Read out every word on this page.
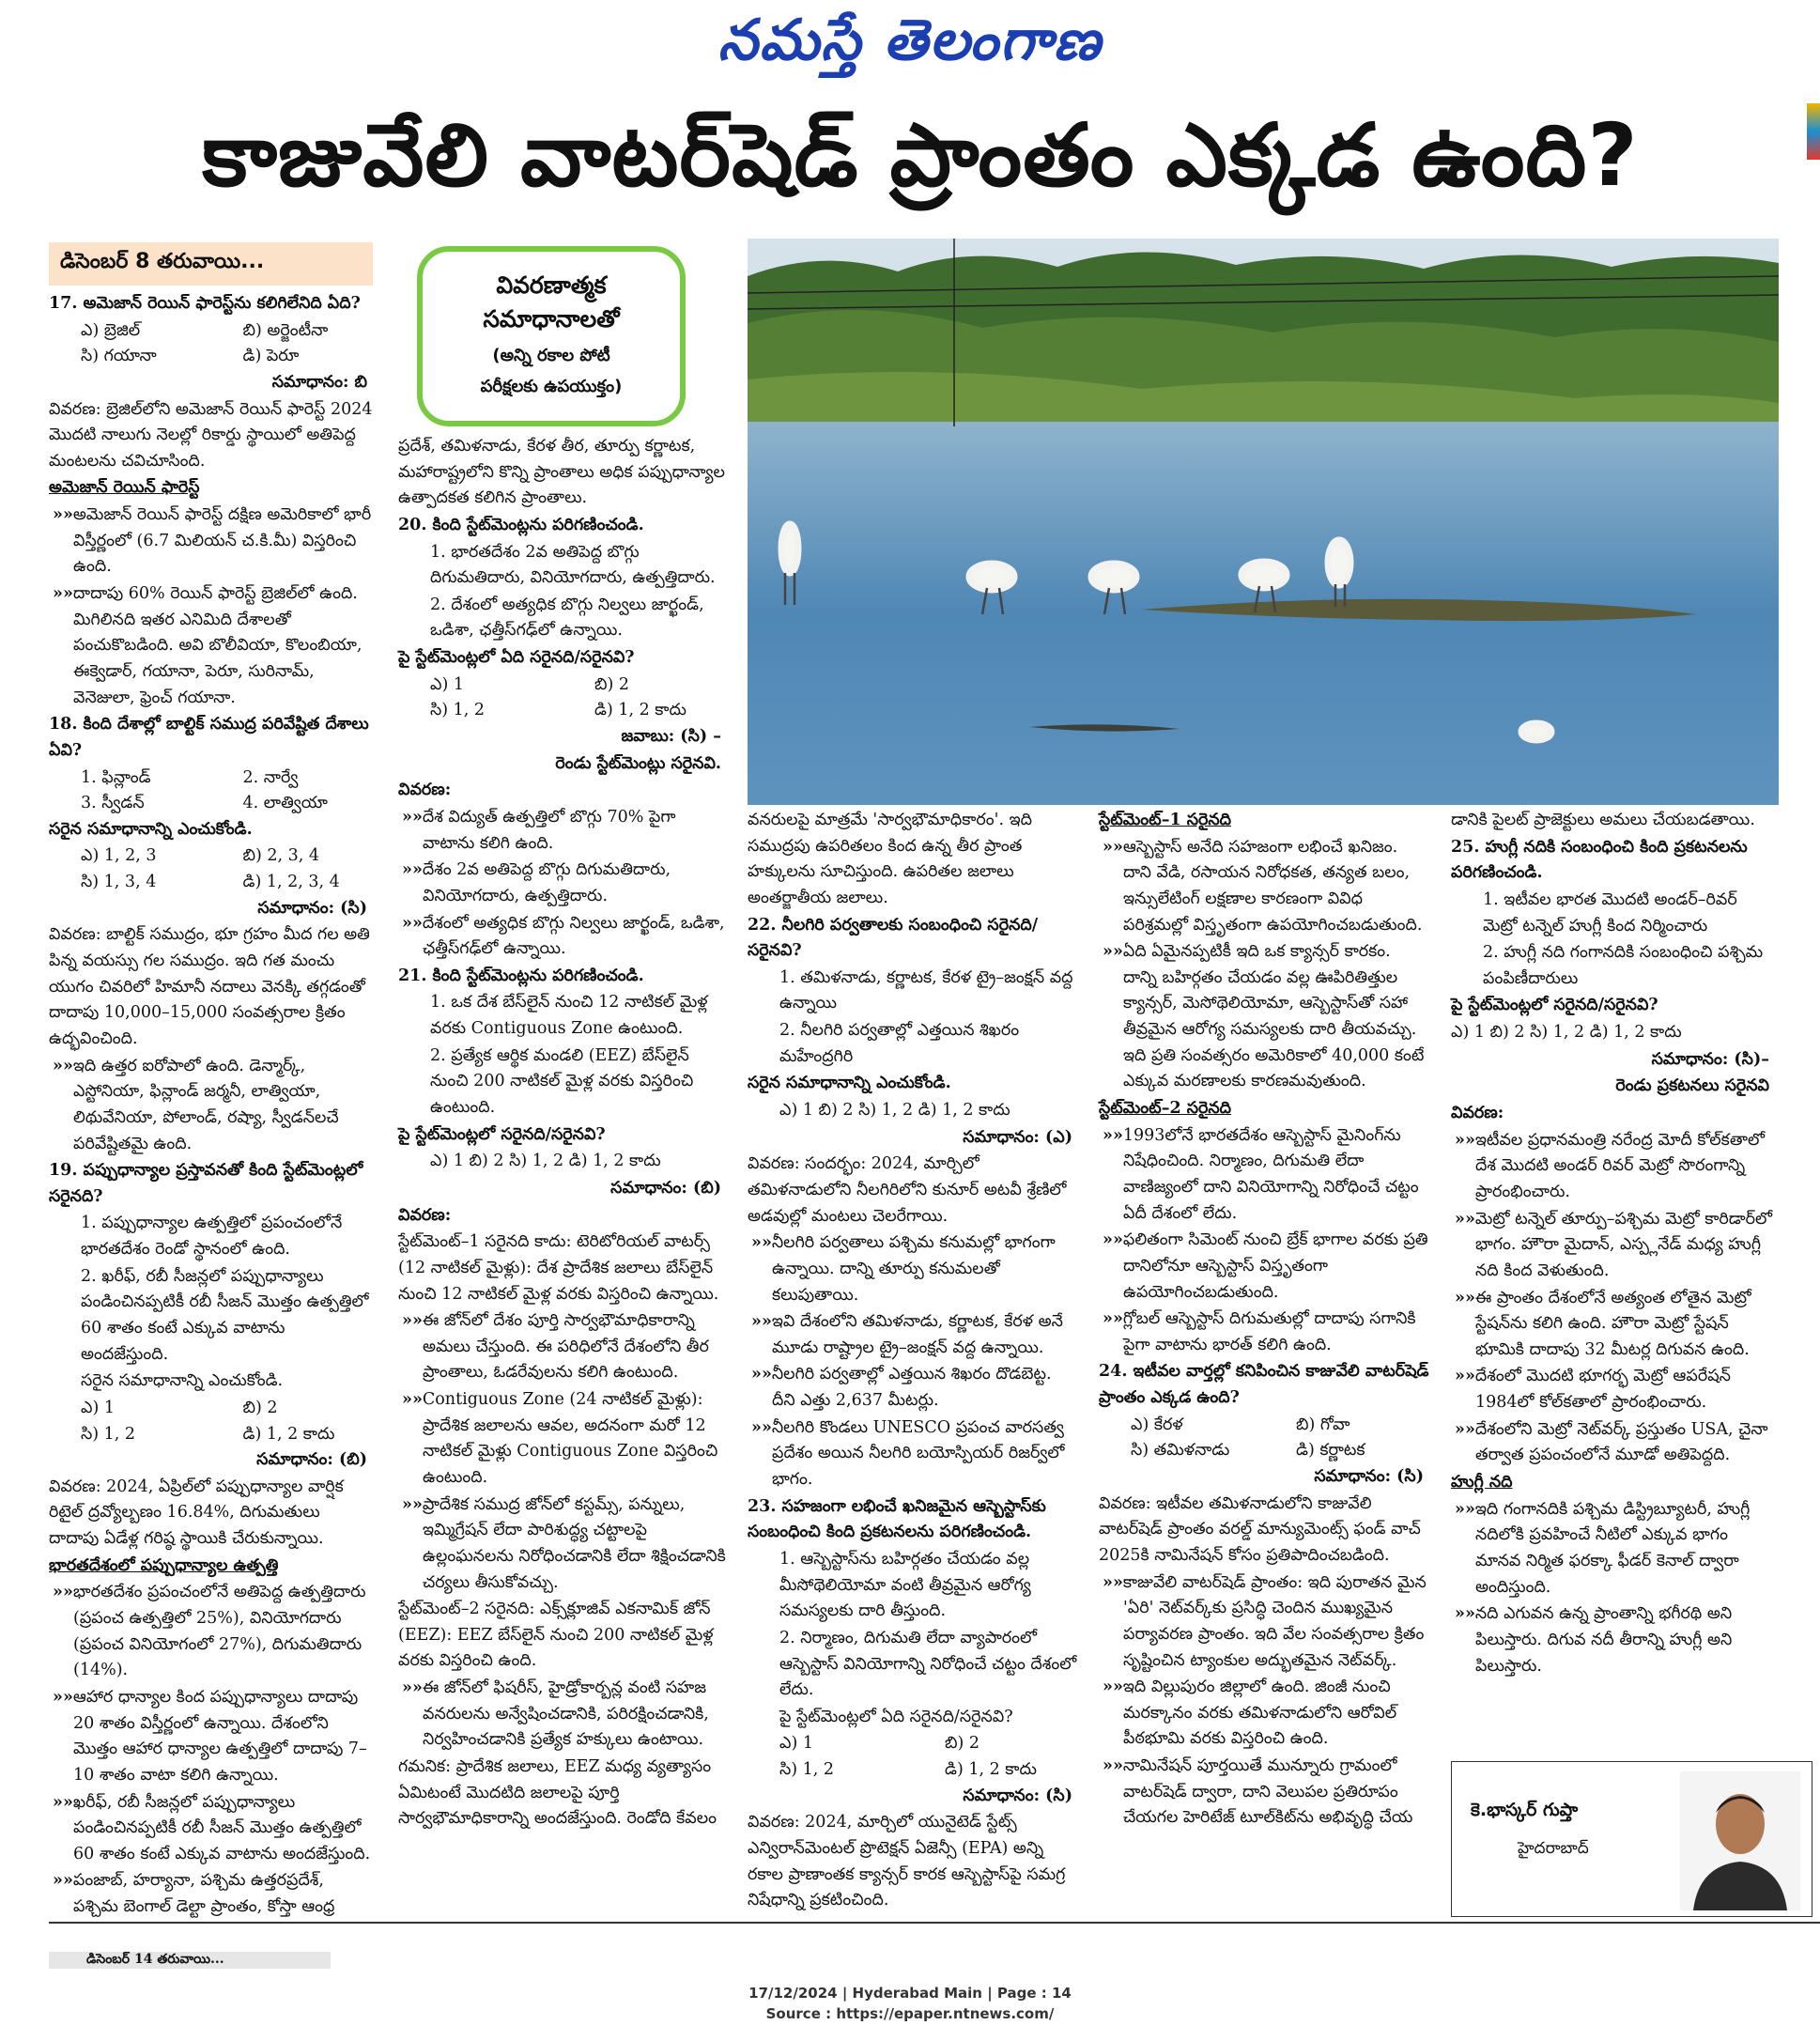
నమస్తే తెలంగాణ
కాజువేలి వాటర్‌షెడ్ ప్రాంతం ఎక్కడ ఉంది?
డిసెంబర్ 8 తరువాయి...

17. అమెజాన్ రెయిన్ ఫారెస్ట్‌ను కలిగిలేనిది ఏది?

ఎ) బ్రెజిల్	బి) అర్జెంటీనా
సి) గయానా	డి) పెరూ

సమాధానం: బి

వివరణ: బ్రెజిల్‌లోని అమెజాన్ రెయిన్ ఫారెస్ట్ 2024 మొదటి నాలుగు నెలల్లో రికార్డు స్థాయిలో అతిపెద్ద మంటలను చవిచూసింది.

అమెజాన్ రెయిన్ ఫారెస్ట్

»» అమెజాన్ రెయిన్ ఫారెస్ట్ దక్షిణ అమెరికాలో భారీ విస్తీర్ణంలో (6.7 మిలియన్ చ.కి.మీ) విస్తరించి ఉంది.

»» దాదాపు 60% రెయిన్ ఫారెస్ట్ బ్రెజిల్‌లో ఉంది. మిగిలినది ఇతర ఎనిమిది దేశాలతో పంచుకొబడింది. అవి బొలీవియా, కొలంబియా, ఈక్వెడార్, గయానా, పెరూ, సురినామ్, వెనెజులా, ఫ్రెంచ్ గయానా.

18. కింది దేశాల్లో బాల్టిక్ సముద్ర పరివేష్టిత దేశాలు ఏవి?

1. ఫిన్లాండ్	2. నార్వే
3. స్వీడన్	4. లాత్వియా

సరైన సమాధానాన్ని ఎంచుకోండి.

ఎ) 1, 2, 3	బి) 2, 3, 4
సి) 1, 3, 4	డి) 1, 2, 3, 4

సమాధానం: (సి)

వివరణ: బాల్టిక్ సముద్రం, భూ గ్రహం మీద గల అతి పిన్న వయస్సు గల సముద్రం. ఇది గత మంచు యుగం చివరిలో హిమానీ నదాలు వెనక్కి తగ్గడంతో దాదాపు 10,000–15,000 సంవత్సరాల క్రితం ఉద్భవించింది.

»» ఇది ఉత్తర ఐరోపాలో ఉంది. డెన్మార్క్, ఎస్టోనియా, ఫిన్లాండ్ జర్మనీ, లాత్వియా, లిథువేనియా, పోలాండ్, రష్యా, స్వీడన్‌లచే పరివేష్టితమై ఉంది.

19. పప్పుధాన్యాల ప్రస్తావనతో కింది స్టేట్‌మెంట్లలో సరైనది?

1. పప్పుధాన్యాల ఉత్పత్తిలో ప్రపంచంలోనే భారతదేశం రెండో స్థానంలో ఉంది.

2. ఖరీఫ్, రబీ సీజన్లలో పప్పుధాన్యాలు పండించినప్పటికీ రబీ సీజన్ మొత్తం ఉత్పత్తిలో 60 శాతం కంటే ఎక్కువ వాటాను అందజేస్తుంది.

సరైన సమాధానాన్ని ఎంచుకోండి.

ఎ) 1	బి) 2
సి) 1, 2	డి) 1, 2 కాదు

సమాధానం: (బి)

వివరణ: 2024, ఏప్రిల్‌లో పప్పుధాన్యాల వార్షిక రిటైల్ ద్రవ్యోల్బణం 16.84%, దిగుమతులు దాదాపు ఏడేళ్ల గరిష్ఠ స్థాయికి చేరుకున్నాయి.

భారతదేశంలో పప్పుధాన్యాల ఉత్పత్తి

»» భారతదేశం ప్రపంచంలోనే అతిపెద్ద ఉత్పత్తిదారు (ప్రపంచ ఉత్పత్తిలో 25%), వినియోగదారు (ప్రపంచ వినియోగంలో 27%), దిగుమతిదారు (14%).

»» ఆహార ధాన్యాల కింద పప్పుధాన్యాలు దాదాపు 20 శాతం విస్తీర్ణంలో ఉన్నాయి. దేశంలోని మొత్తం ఆహార ధాన్యాల ఉత్పత్తిలో దాదాపు 7–10 శాతం వాటా కలిగి ఉన్నాయి.

»» ఖరీఫ్, రబీ సీజన్లలో పప్పుధాన్యాలు పండించినప్పటికీ రబీ సీజన్ మొత్తం ఉత్పత్తిలో 60 శాతం కంటే ఎక్కువ వాటాను అందజేస్తుంది.

»» పంజాబ్, హర్యానా, పశ్చిమ ఉత్తరప్రదేశ్, పశ్చిమ బెంగాల్ డెల్టా ప్రాంతం, కోస్తా ఆంధ్ర

వివరణాత్మక
సమాధానాలతో
(అన్ని రకాల పోటీ
పరీక్షలకు ఉపయుక్తం)

ప్రదేశ్, తమిళనాడు, కేరళ తీర, తూర్పు కర్ణాటక, మహారాష్ట్రలోని కొన్ని ప్రాంతాలు అధిక పప్పుధాన్యాల ఉత్పాదకత కలిగిన ప్రాంతాలు.

20. కింది స్టేట్‌మెంట్లను పరిగణించండి.

1. భారతదేశం 2వ అతిపెద్ద బొగ్గు దిగుమతిదారు, వినియోగదారు, ఉత్పత్తిదారు.

2. దేశంలో అత్యధిక బొగ్గు నిల్వలు జార్ఖండ్, ఒడిశా, ఛత్తీస్‌గఢ్‌లో ఉన్నాయి.

పై స్టేట్‌మెంట్లలో ఏది సరైనది/సరైనవి?

ఎ) 1	బి) 2
సి) 1, 2	డి) 1, 2 కాదు

జవాబు: (సి) –

రెండు స్టేట్‌మెంట్లు సరైనవి.

వివరణ:

»» దేశ విద్యుత్ ఉత్పత్తిలో బొగ్గు 70% పైగా వాటాను కలిగి ఉంది.

»» దేశం 2వ అతిపెద్ద బొగ్గు దిగుమతిదారు, వినియోగదారు, ఉత్పత్తిదారు.

»» దేశంలో అత్యధిక బొగ్గు నిల్వలు జార్ఖండ్, ఒడిశా, ఛత్తీస్‌గఢ్‌లో ఉన్నాయి.

21. కింది స్టేట్‌మెంట్లను పరిగణించండి.

1. ఒక దేశ బేస్‌లైన్ నుంచి 12 నాటికల్ మైళ్ల వరకు Contiguous Zone ఉంటుంది.

2. ప్రత్యేక ఆర్థిక మండలి (EEZ) బేస్‌లైన్ నుంచి 200 నాటికల్ మైళ్ల వరకు విస్తరించి ఉంటుంది.

పై స్టేట్‌మెంట్లలో సరైనది/సరైనవి?

ఎ) 1 బి) 2 సి) 1, 2 డి) 1, 2 కాదు

సమాధానం: (బి)

వివరణ:

స్టేట్‌మెంట్–1 సరైనది కాదు: టెరిటోరియల్ వాటర్స్ (12 నాటికల్ మైళ్లు): దేశ ప్రాదేశిక జలాలు బేస్‌లైన్ నుంచి 12 నాటికల్ మైళ్ల వరకు విస్తరించి ఉన్నాయి.

»» ఈ జోన్‌లో దేశం పూర్తి సార్వభౌమాధికారాన్ని అమలు చేస్తుంది. ఈ పరిధిలోనే దేశంలోని తీర ప్రాంతాలు, ఓడరేవులను కలిగి ఉంటుంది.

»» Contiguous Zone (24 నాటికల్ మైళ్లు): ప్రాదేశిక జలాలను ఆవల, అదనంగా మరో 12 నాటికల్ మైళ్లు Contiguous Zone విస్తరించి ఉంటుంది.

»» ప్రాదేశిక సముద్ర జోన్‌లో కస్టమ్స్, పన్నులు, ఇమ్మిగ్రేషన్ లేదా పారిశుద్ధ్య చట్టాలపై ఉల్లంఘనలను నిరోధించడానికి లేదా శిక్షించడానికి చర్యలు తీసుకోవచ్చు.

స్టేట్‌మెంట్–2 సరైనది: ఎక్స్‌క్లూజివ్ ఎకనామిక్ జోన్ (EEZ): EEZ బేస్‌లైన్ నుంచి 200 నాటికల్ మైళ్ల వరకు విస్తరించి ఉంది.

»» ఈ జోన్‌లో ఫిషరీస్, హైడ్రోకార్బన్ల వంటి సహజ వనరులను అన్వేషించడానికి, పరిరక్షించడానికి, నిర్వహించడానికి ప్రత్యేక హక్కులు ఉంటాయి.

గమనిక: ప్రాదేశిక జలాలు, EEZ మధ్య వ్యత్యాసం ఏమిటంటే మొదటిది జలాలపై పూర్తి సార్వభౌమాధికారాన్ని అందజేస్తుంది. రెండోది కేవలం

వనరులపై మాత్రమే 'సార్వభౌమాధికారం'. ఇది సముద్రపు ఉపరితలం కింద ఉన్న తీర ప్రాంత హక్కులను సూచిస్తుంది. ఉపరితల జలాలు అంతర్జాతీయ జలాలు.

22. నీలగిరి పర్వతాలకు సంబంధించి సరైనది/సరైనవి?

1. తమిళనాడు, కర్ణాటక, కేరళ ట్రై–జంక్షన్ వద్ద ఉన్నాయి

2. నీలగిరి పర్వతాల్లో ఎత్తయిన శిఖరం మహేంద్రగిరి

సరైన సమాధానాన్ని ఎంచుకోండి.

ఎ) 1 బి) 2 సి) 1, 2 డి) 1, 2 కాదు

సమాధానం: (ఎ)

వివరణ: సందర్భం: 2024, మార్చిలో తమిళనాడులోని నీలగిరిలోని కునూర్ అటవీ శ్రేణిలో అడవుల్లో మంటలు చెలరేగాయి.

»» నీలగిరి పర్వతాలు పశ్చిమ కనుమల్లో భాగంగా ఉన్నాయి. దాన్ని తూర్పు కనుమలతో కలుపుతాయి.

»» ఇవి దేశంలోని తమిళనాడు, కర్ణాటక, కేరళ అనే మూడు రాష్ట్రాల ట్రై–జంక్షన్ వద్ద ఉన్నాయి.

»» నీలగిరి పర్వతాల్లో ఎత్తయిన శిఖరం దొడబెట్ట. దీని ఎత్తు 2,637 మీటర్లు.

»» నీలగిరి కొండలు UNESCO ప్రపంచ వారసత్వ ప్రదేశం అయిన నీలగిరి బయోస్పియర్ రిజర్వ్‌లో భాగం.

23. సహజంగా లభించే ఖనిజమైన ఆస్బెస్టాస్‌కు సంబంధించి కింది ప్రకటనలను పరిగణించండి.

1. ఆస్బెస్టాస్‌ను బహిర్గతం చేయడం వల్ల మీసోథెలియోమా వంటి తీవ్రమైన ఆరోగ్య సమస్యలకు దారి తీస్తుంది.

2. నిర్మాణం, దిగుమతి లేదా వ్యాపారంలో ఆస్బెస్టాస్ వినియోగాన్ని నిరోధించే చట్టం దేశంలో లేదు.

పై స్టేట్‌మెంట్లలో ఏది సరైనది/సరైనవి?

ఎ) 1	బి) 2
సి) 1, 2	డి) 1, 2 కాదు

సమాధానం: (సి)

వివరణ: 2024, మార్చిలో యునైటెడ్ స్టేట్స్ ఎన్విరాన్‌మెంటల్ ప్రొటెక్షన్ ఏజెన్సీ (EPA) అన్ని రకాల ప్రాణాంతక క్యాన్సర్ కారక ఆస్బెస్టాస్‌పై సమగ్ర నిషేధాన్ని ప్రకటించింది.

స్టేట్‌మెంట్–1 సరైనది

»» ఆస్బెస్టాస్ అనేది సహజంగా లభించే ఖనిజం. దాని వేడి, రసాయన నిరోధకత, తన్యత బలం, ఇన్సులేటింగ్ లక్షణాల కారణంగా వివిధ పరిశ్రమల్లో విస్తృతంగా ఉపయోగించబడుతుంది.

»» ఏది ఏమైనప్పటికీ ఇది ఒక క్యాన్సర్ కారకం. దాన్ని బహిర్గతం చేయడం వల్ల ఊపిరితిత్తుల క్యాన్సర్, మెసోథెలియోమా, ఆస్బెస్టాస్‌తో సహా తీవ్రమైన ఆరోగ్య సమస్యలకు దారి తీయవచ్చు. ఇది ప్రతి సంవత్సరం అమెరికాలో 40,000 కంటే ఎక్కువ మరణాలకు కారణమవుతుంది.

స్టేట్‌మెంట్–2 సరైనది

»» 1993లోనే భారతదేశం ఆస్బెస్టాస్ మైనింగ్‌ను నిషేధించింది. నిర్మాణం, దిగుమతి లేదా వాణిజ్యంలో దాని వినియోగాన్ని నిరోధించే చట్టం ఏదీ దేశంలో లేదు.

»» ఫలితంగా సిమెంట్ నుంచి బ్రేక్ భాగాల వరకు ప్రతి దానిలోనూ ఆస్బెస్టాస్ విస్తృతంగా ఉపయోగించబడుతుంది.

»» గ్లోబల్ ఆస్బెస్టాస్ దిగుమతుల్లో దాదాపు సగానికి పైగా వాటాను భారత్ కలిగి ఉంది.

24. ఇటీవల వార్తల్లో కనిపించిన కాజువేలి వాటర్‌షెడ్ ప్రాంతం ఎక్కడ ఉంది?

ఎ) కేరళ	బి) గోవా
సి) తమిళనాడు	డి) కర్ణాటక

సమాధానం: (సి)

వివరణ: ఇటీవల తమిళనాడులోని కాజువేలి వాటర్‌షెడ్ ప్రాంతం వరల్డ్ మాన్యుమెంట్స్ ఫండ్ వాచ్ 2025కి నామినేషన్ కోసం ప్రతిపాదించబడింది.

»» కాజువేలి వాటర్‌షెడ్ ప్రాంతం: ఇది పురాతన మైన 'ఏరి' నెట్‌వర్క్‌కు ప్రసిద్ధి చెందిన ముఖ్యమైన పర్యావరణ ప్రాంతం. ఇది వేల సంవత్సరాల క్రితం సృష్టించిన ట్యాంకుల అద్భుతమైన నెట్‌వర్క్.

»» ఇది విల్లుపురం జిల్లాలో ఉంది. జింజీ నుంచి మరక్కానం వరకు తమిళనాడులోని ఆరోవిల్ పీఠభూమి వరకు విస్తరించి ఉంది.

»» నామినేషన్ పూర్తయితే మున్నూరు గ్రామంలో వాటర్‌షెడ్ ద్వారా, దాని వెలుపల ప్రతిరూపం చేయగల హెరిటేజ్ టూల్‌కిట్‌ను అభివృద్ధి చేయ

డానికి పైలట్ ప్రాజెక్టులు అమలు చేయబడతాయి.

25. హుగ్లీ నదికి సంబంధించి కింది ప్రకటనలను పరిగణించండి.

1. ఇటీవల భారత మొదటి అండర్–రివర్ మెట్రో టన్నెల్ హుగ్లీ కింద నిర్మించారు

2. హుగ్లీ నది గంగానదికి సంబంధించి పశ్చిమ పంపిణీదారులు

పై స్టేట్‌మెంట్లలో సరైనది/సరైనవి?

ఎ) 1 బి) 2 సి) 1, 2 డి) 1, 2 కాదు

సమాధానం: (సి)–

రెండు ప్రకటనలు సరైనవి

వివరణ:

»» ఇటీవల ప్రధానమంత్రి నరేంద్ర మోదీ కోల్‌కతాలో దేశ మొదటి అండర్ రివర్ మెట్రో సొరంగాన్ని ప్రారంభించారు.

»» మెట్రో టన్నెల్ తూర్పు–పశ్చిమ మెట్రో కారిడార్‌లో భాగం. హౌరా మైదాన్, ఎస్ప్లనేడ్ మధ్య హుగ్లీ నది కింద వెళుతుంది.

»» ఈ ప్రాంతం దేశంలోనే అత్యంత లోతైన మెట్రో స్టేషన్‌ను కలిగి ఉంది. హౌరా మెట్రో స్టేషన్ భూమికి దాదాపు 32 మీటర్ల దిగువన ఉంది.

»» దేశంలో మొదటి భూగర్భ మెట్రో ఆపరేషన్ 1984లో కోల్‌కతాలో ప్రారంభించారు.

»» దేశంలోని మెట్రో నెట్‌వర్క్ ప్రస్తుతం USA, చైనా తర్వాత ప్రపంచంలోనే మూడో అతిపెద్దది.

హుగ్లీ నది

»» ఇది గంగానదికి పశ్చిమ డిస్ట్రిబ్యూటరీ, హుగ్లీ నదిలోకి ప్రవహించే నీటిలో ఎక్కువ భాగం మానవ నిర్మిత ఫరక్కా ఫీడర్ కెనాల్ ద్వారా అందిస్తుంది.

»» నది ఎగువన ఉన్న ప్రాంతాన్ని భగీరథి అని పిలుస్తారు. దిగువ నదీ తీరాన్ని హుగ్లీ అని పిలుస్తారు.

కె.భాస్కర్ గుప్తా
హైదరాబాద్
డిసెంబర్ 14 తరువాయి...
17/12/2024 | Hyderabad Main | Page : 14
Source : https://epaper.ntnews.com/
